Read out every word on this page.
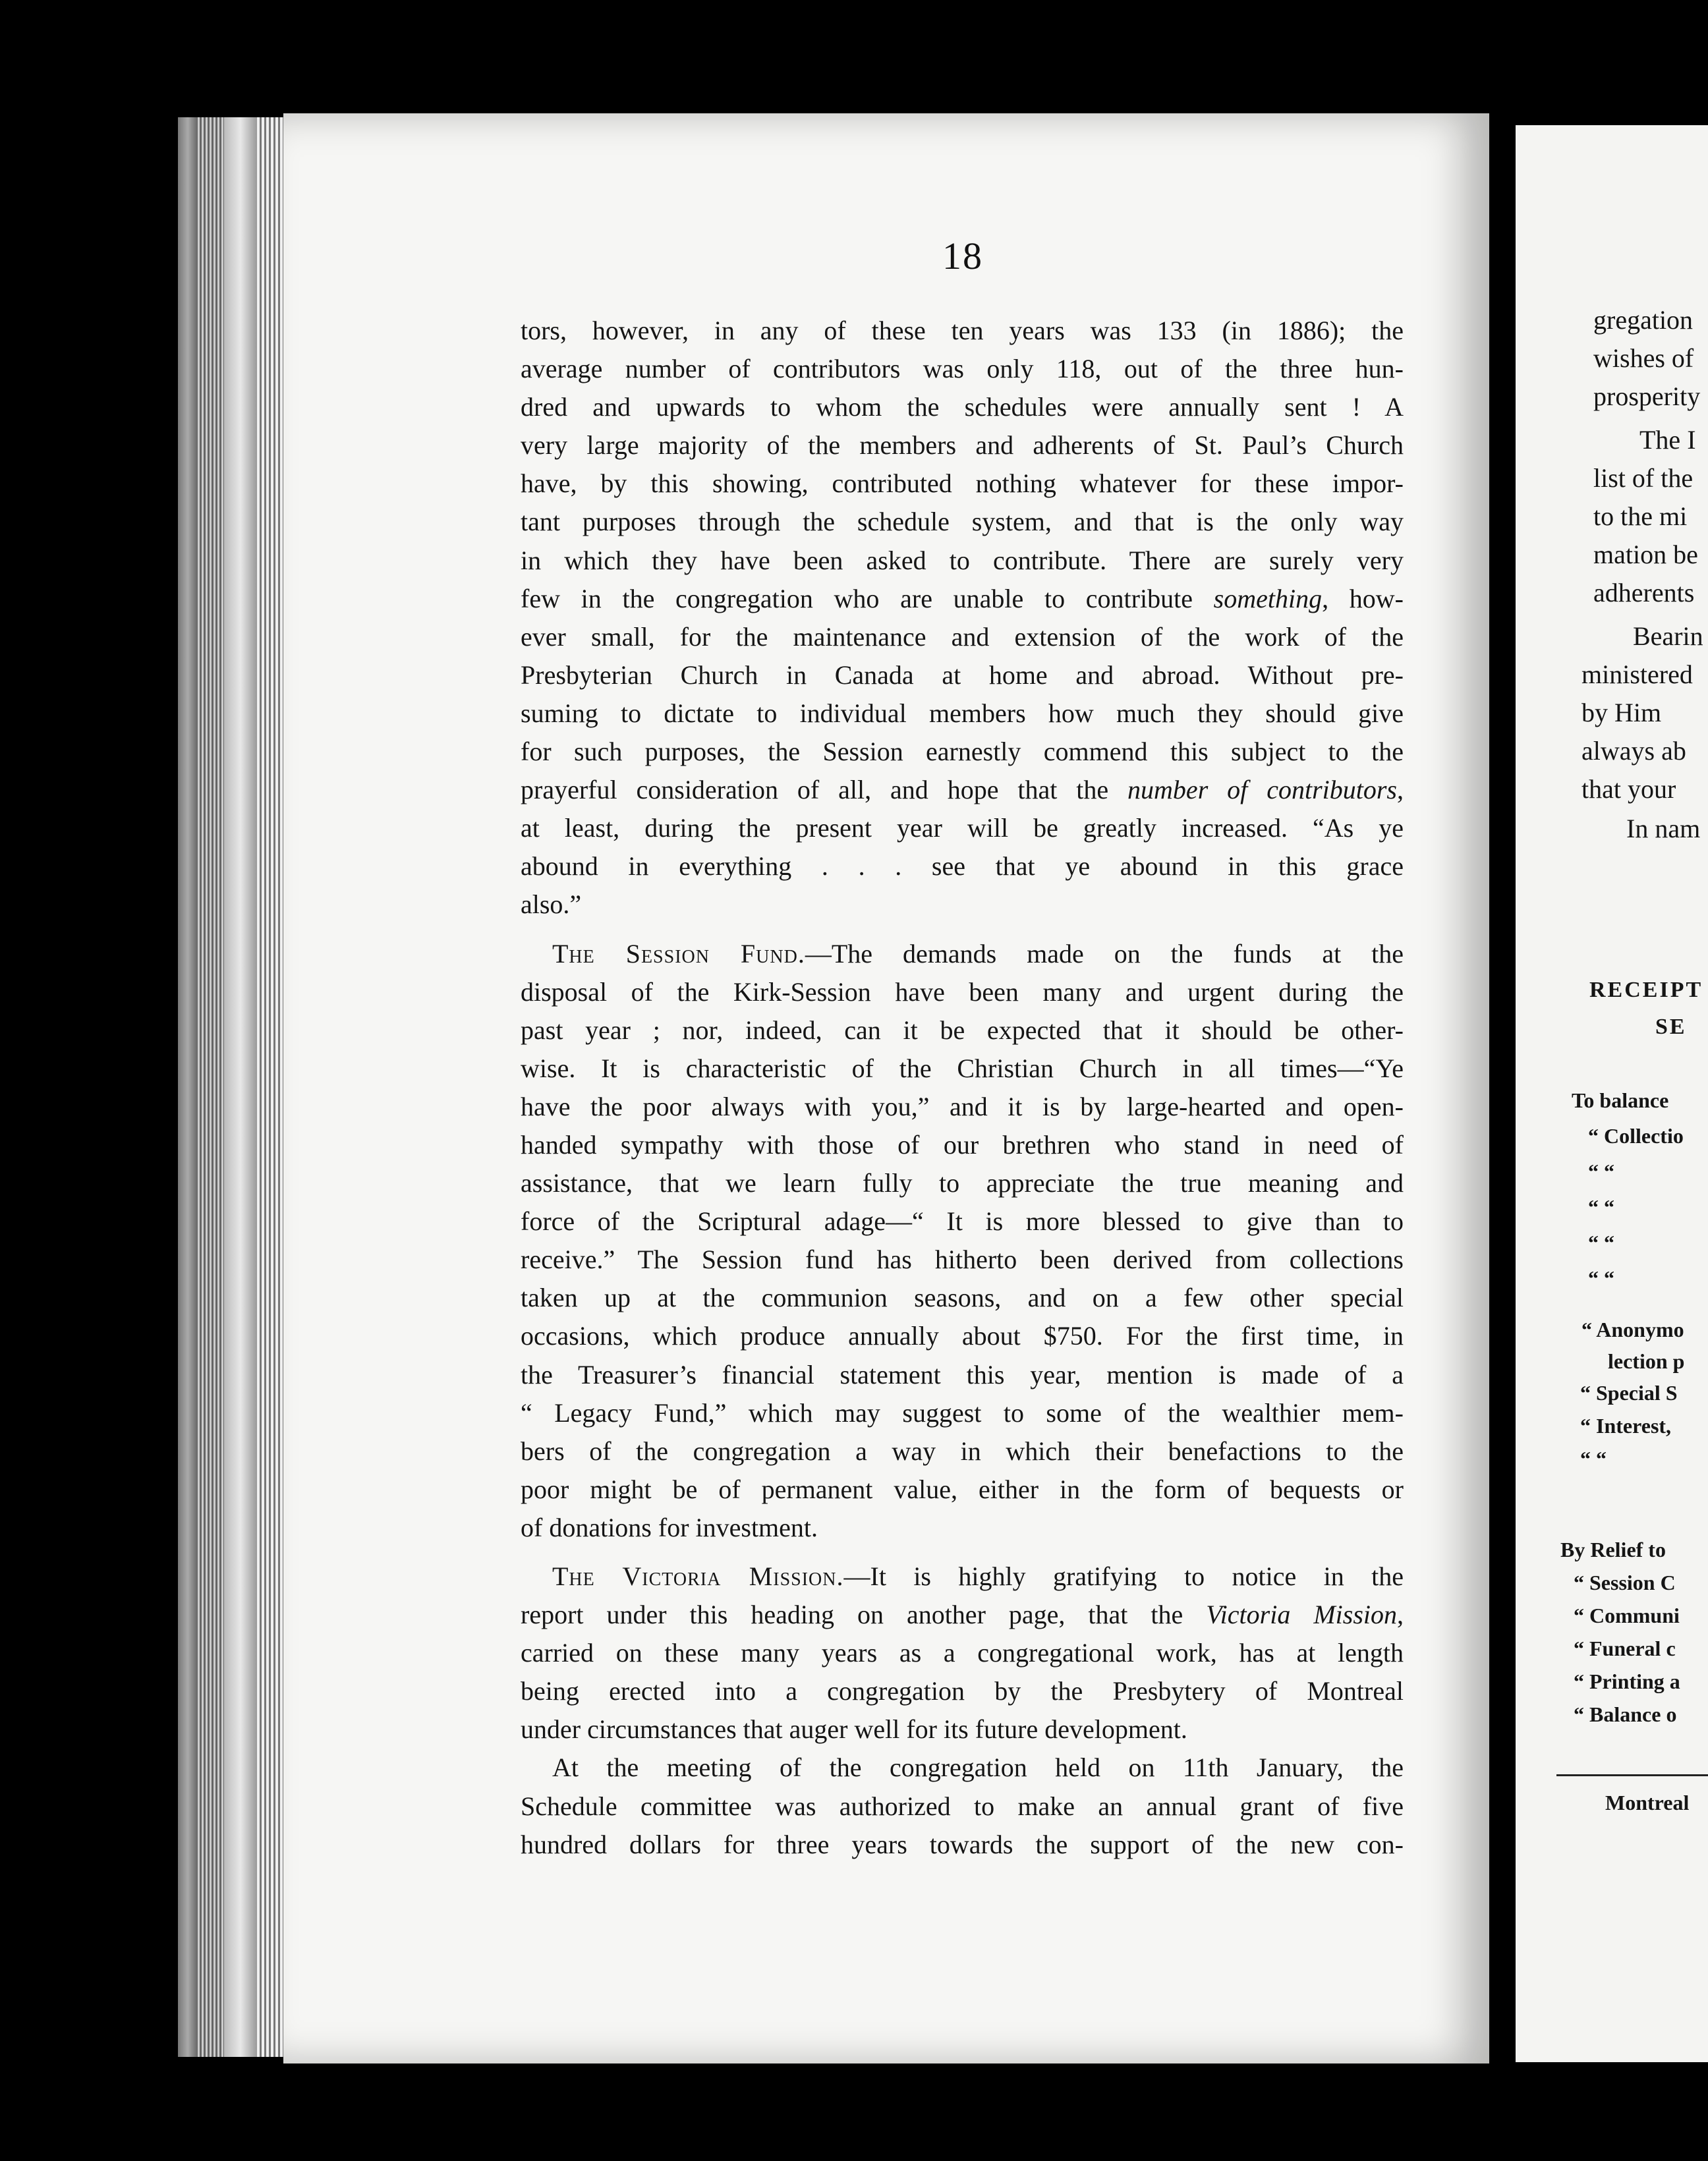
18
tors, however, in any of these ten years was 133 (in 1886); the
average number of contributors was only 118, out of the three hun-
dred and upwards to whom the schedules were annually sent ! A
very large majority of the members and adherents of St. Paul’s Church
have, by this showing, contributed nothing whatever for these impor-
tant purposes through the schedule system, and that is the only way
in which they have been asked to contribute. There are surely very
few in the congregation who are unable to contribute something, how-
ever small, for the maintenance and extension of the work of the
Presbyterian Church in Canada at home and abroad. Without pre-
suming to dictate to individual members how much they should give
for such purposes, the Session earnestly commend this subject to the
prayerful consideration of all, and hope that the number of contributors,
at least, during the present year will be greatly increased. “As ye
abound in everything . . . see that ye abound in this grace
also.”
The Session Fund.—The demands made on the funds at the
disposal of the Kirk-Session have been many and urgent during the
past year ; nor, indeed, can it be expected that it should be other-
wise. It is characteristic of the Christian Church in all times—“Ye
have the poor always with you,” and it is by large-hearted and open-
handed sympathy with those of our brethren who stand in need of
assistance, that we learn fully to appreciate the true meaning and
force of the Scriptural adage—“ It is more blessed to give than to
receive.” The Session fund has hitherto been derived from collections
taken up at the communion seasons, and on a few other special
occasions, which produce annually about $750. For the first time, in
the Treasurer’s financial statement this year, mention is made of a
“ Legacy Fund,” which may suggest to some of the wealthier mem-
bers of the congregation a way in which their benefactions to the
poor might be of permanent value, either in the form of bequests or
of donations for investment.
The Victoria Mission.—It is highly gratifying to notice in the
report under this heading on another page, that the Victoria Mission,
carried on these many years as a congregational work, has at length
being erected into a congregation by the Presbytery of Montreal
under circumstances that auger well for its future development.
At the meeting of the congregation held on 11th January, the
Schedule committee was authorized to make an annual grant of five
hundred dollars for three years towards the support of the new con-
gregation
wishes of
prosperity
The I
list of the
to the mi
mation be
adherents
Bearin
ministered
by Him
always ab
that your
In nam
RECEIPT
SE
To balance
“ Collectio
“ “
“ “
“ “
“ “
“ Anonymo
lection p
“ Special S
“ Interest,
“ “
By Relief to
“ Session C
“ Communi
“ Funeral c
“ Printing a
“ Balance o
Montreal
